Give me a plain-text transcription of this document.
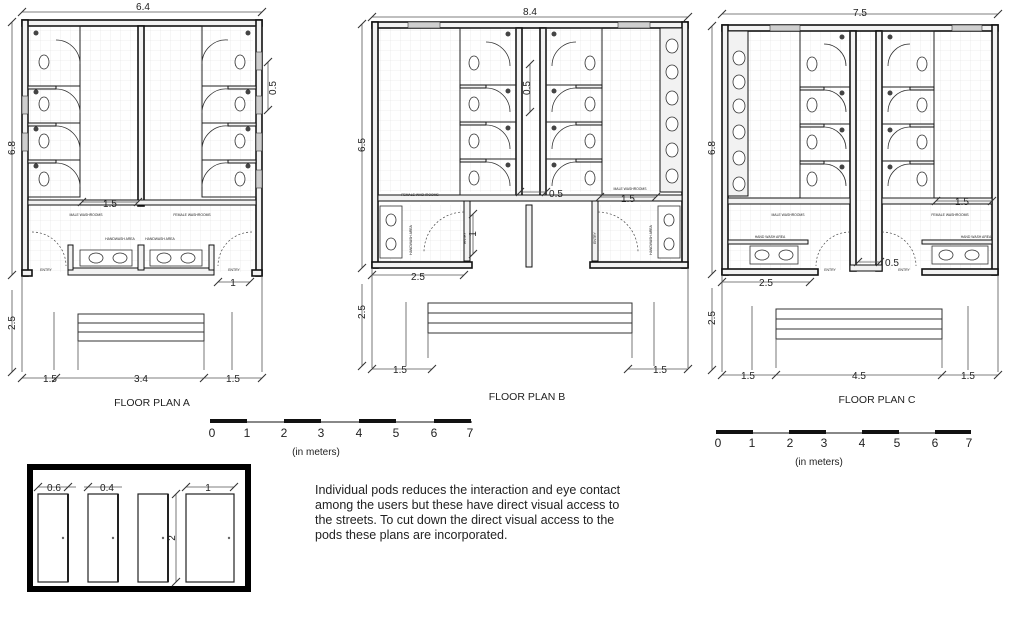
6.4
6.8
0.5
1.5
MALE WASHROOMS	FEMALE WASHROOMS
HANDWASH AREA	HANDWASH AREA
ENTRY	ENTRY
1
2.5
1.5	3.4	1.5
FLOOR PLAN A
8.4
6.5
0.5
0.5	1.5
FEMALE WASHROOMS
MALE WASHROOMS
HANDWASH AREA	HANDWASH AREA
ENTRY	ENTRY
1
2.5
2.5
1.5	1.5
FLOOR PLAN B
7.5
6.8
1.5
MALE WASHROOMS	FEMALE WASHROOMS
HAND WASH AREA	HAND WASH AREA
ENTRY	ENTRY
0.5
2.5
2.5
1.5	4.5	1.5
FLOOR PLAN C
0 1	2	3	4	5	6 7
(in meters)
0 1	2 3	4 5	6 7
(in meters)
0.6	0.4	1
2
Individual pods reduces the interaction and eye contact among the users but these have direct visual access to the streets. To cut down the direct visual access to the pods these plans are incorporated.
